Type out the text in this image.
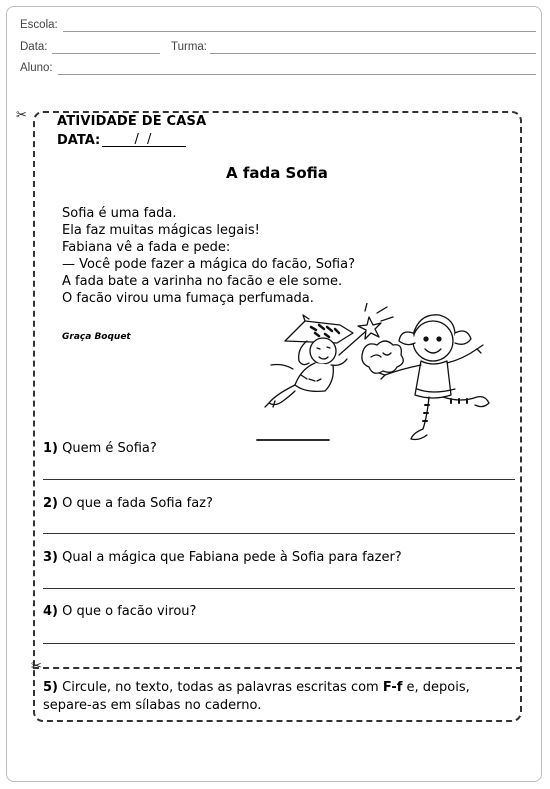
Escola:
Data:	Turma:
Aluno:
✂
✂
ATIVIDADE DE CASA
DATA:	/ /
A fada Sofia
Sofia é uma fada.
Ela faz muitas mágicas legais!
Fabiana vê a fada e pede:
— Você pode fazer a mágica do facão, Sofia?
A fada bate a varinha no facão e ele some.
O facão virou uma fumaça perfumada.
Graça Boquet
1) Quem é Sofia?
2) O que a fada Sofia faz?
3) Qual a mágica que Fabiana pede à Sofia para fazer?
4) O que o facão virou?
5) Circule, no texto, todas as palavras escritas com F-f e, depois, separe-as em sílabas no caderno.
